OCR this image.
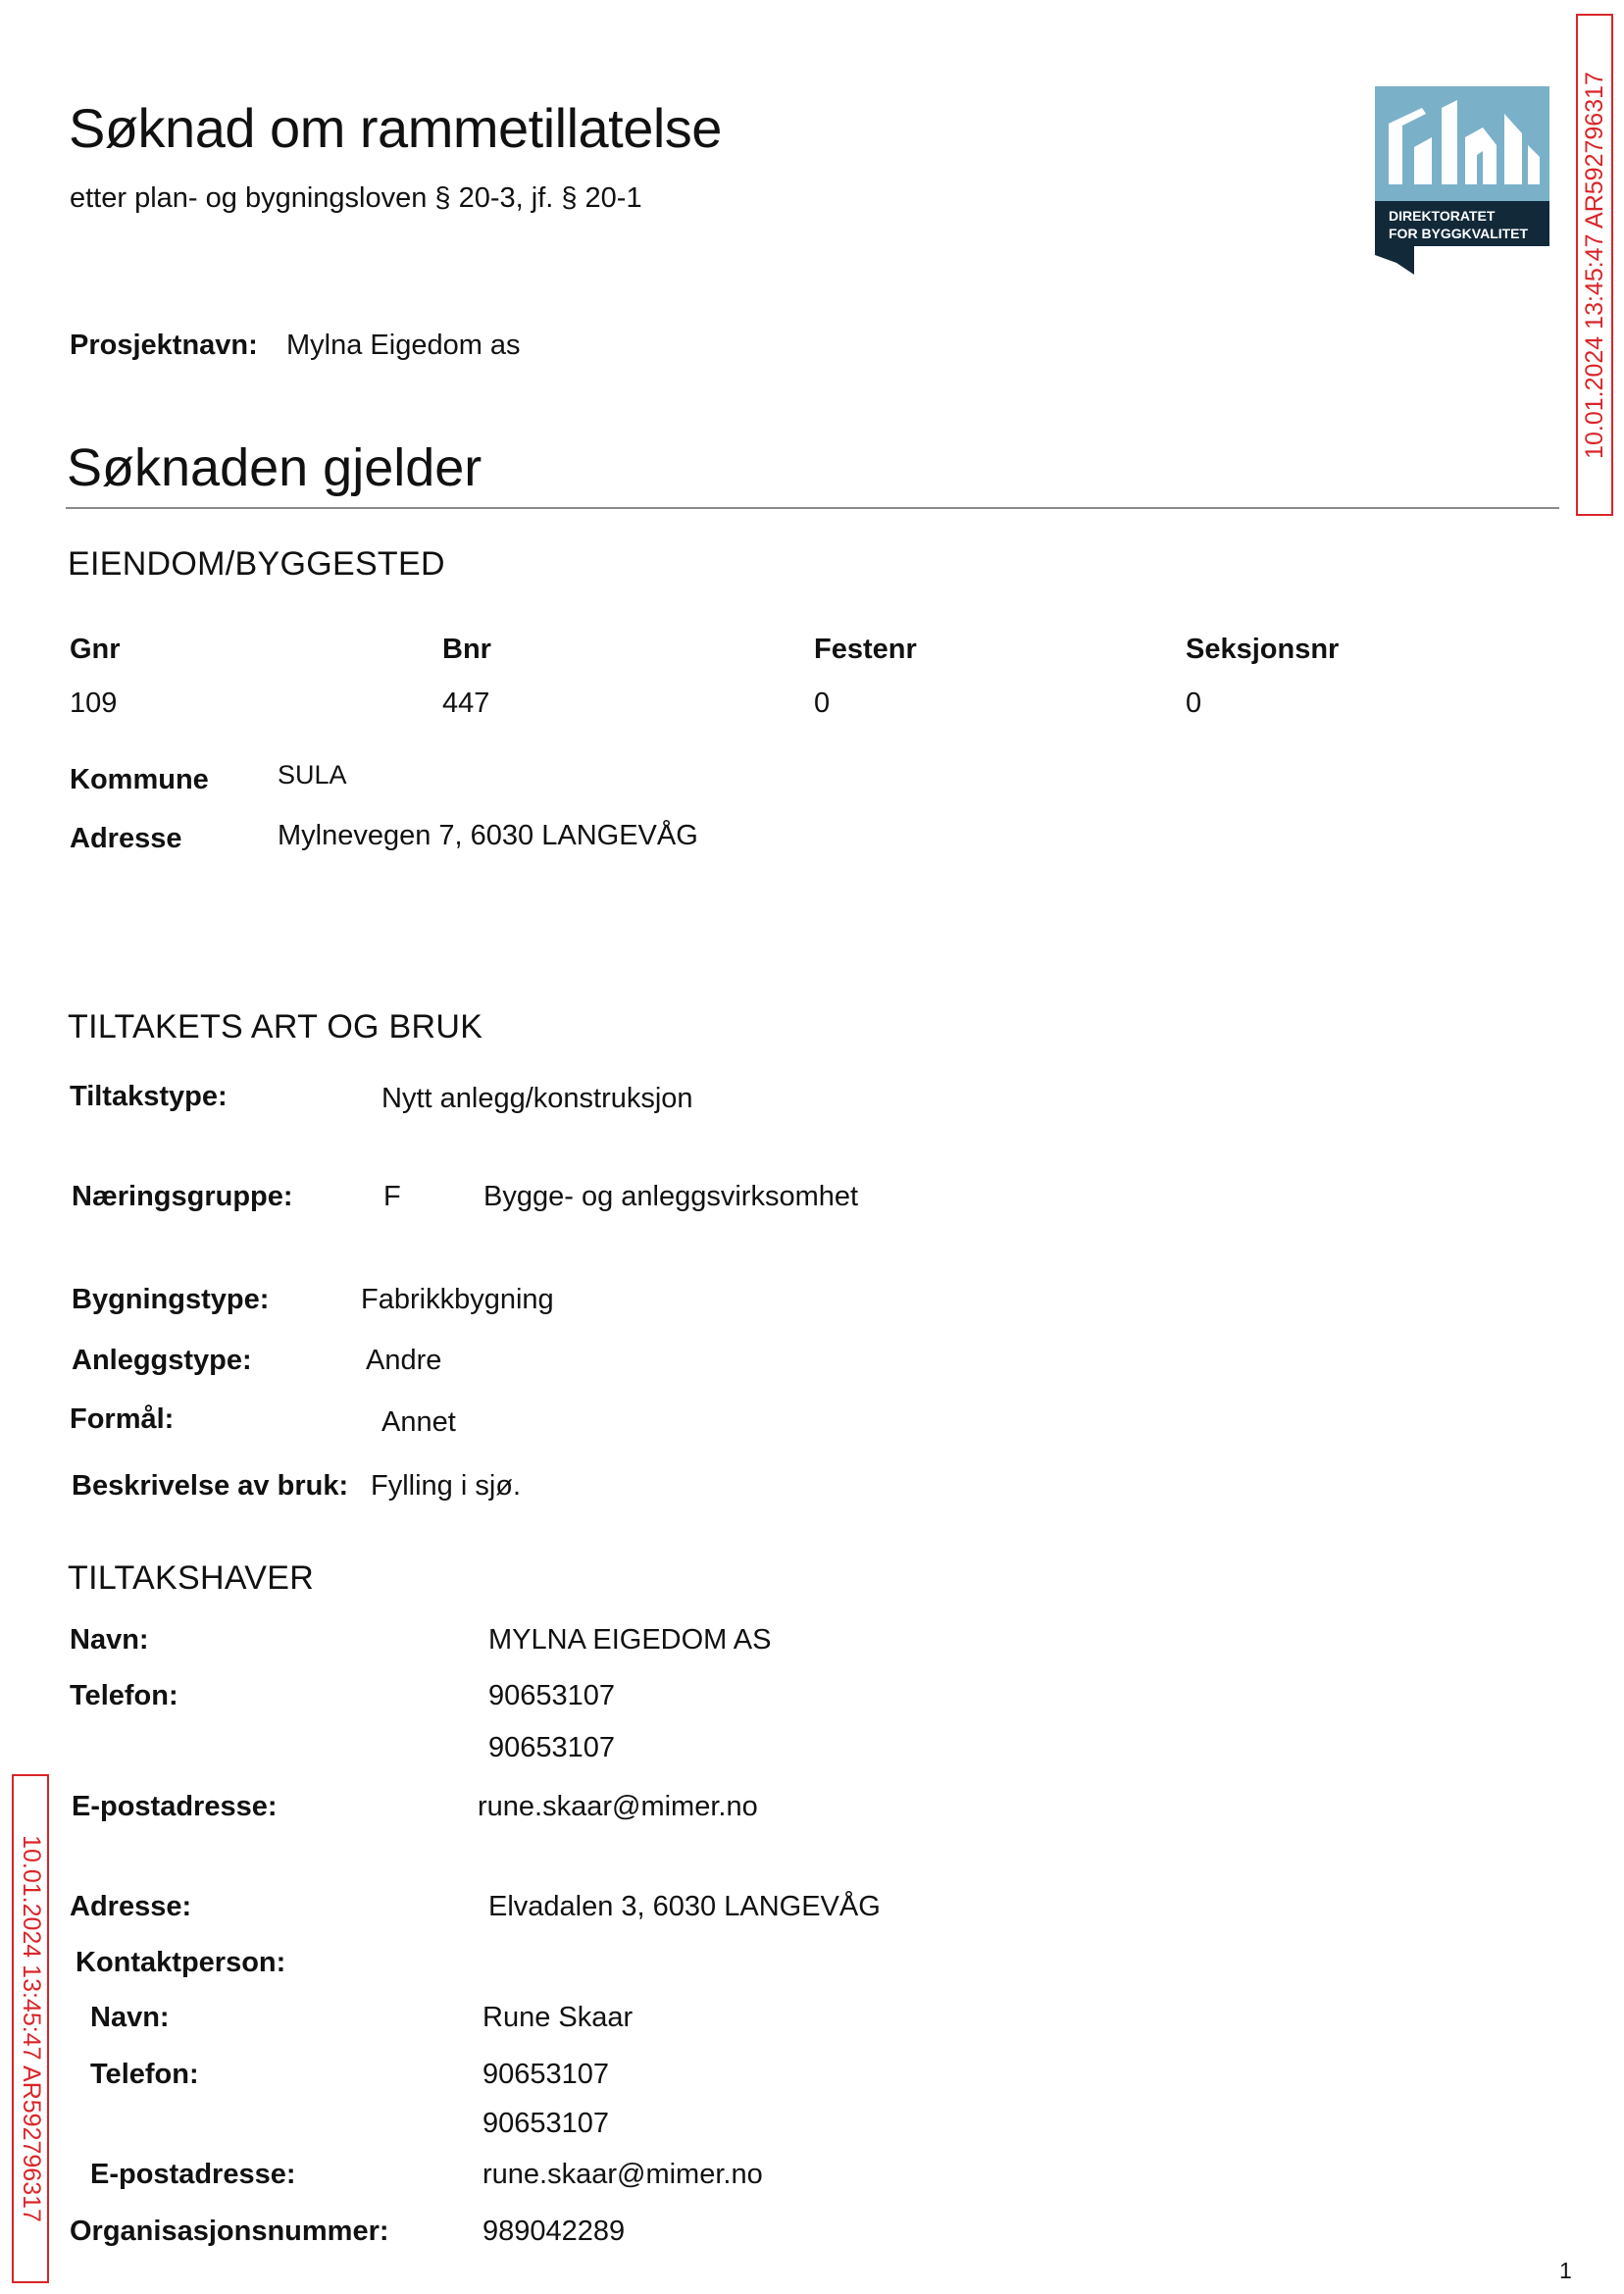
Søknad om rammetillatelse
etter plan- og bygningsloven § 20-3, jf. § 20-1
DIREKTORATET
FOR BYGGKVALITET
Prosjektnavn: Mylna Eigedom as
Søknaden gjelder
EIENDOM/BYGGESTED
Gnr	Bnr	Festenr	Seksjonsnr
109	447	0	0
Kommune	SULA
Adresse	Mylnevegen 7, 6030 LANGEVÅG
TILTAKETS ART OG BRUK
Tiltakstype:	Nytt anlegg/konstruksjon
Næringsgruppe:	F	Bygge- og anleggsvirksomhet
Bygningstype:	Fabrikkbygning
Anleggstype:	Andre
Formål:	Annet
Beskrivelse av bruk: Fylling i sjø.
TILTAKSHAVER
Navn:	MYLNA EIGEDOM AS
Telefon:	90653107
90653107
E-postadresse:	rune.skaar@mimer.no
Adresse:	Elvadalen 3, 6030 LANGEVÅG
Kontaktperson:
Navn:	Rune Skaar
Telefon:	90653107
90653107
E-postadresse:	rune.skaar@mimer.no
Organisasjonsnummer:	989042289
1
10.01.2024 13:45:47 AR592796317
10.01.2024 13:45:47 AR592796317
